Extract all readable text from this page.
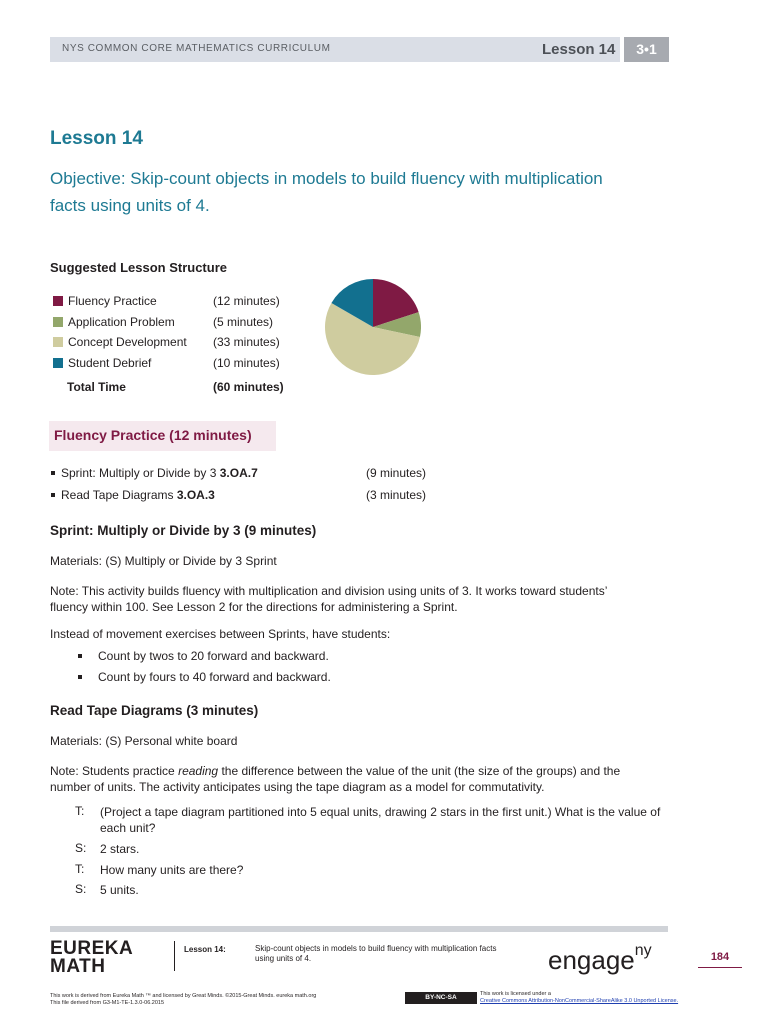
NYS COMMON CORE MATHEMATICS CURRICULUM	Lesson 14	3•1
Lesson 14
Objective: Skip-count objects in models to build fluency with multiplication
facts using units of 4.
Suggested Lesson Structure
Fluency Practice	(12 minutes)
Application Problem	(5 minutes)
Concept Development (33 minutes)
Student Debrief	(10 minutes)
Total Time	(60 minutes)
Fluency Practice (12 minutes)
Sprint: Multiply or Divide by 3 3.OA.7	(9 minutes)
Read Tape Diagrams 3.OA.3	(3 minutes)
Sprint: Multiply or Divide by 3 (9 minutes)
Materials: (S) Multiply or Divide by 3 Sprint
Note: This activity builds fluency with multiplication and division using units of 3. It works toward students’
fluency within 100. See Lesson 2 for the directions for administering a Sprint.
Instead of movement exercises between Sprints, have students:
Count by twos to 20 forward and backward.
Count by fours to 40 forward and backward.
Read Tape Diagrams (3 minutes)
Materials: (S) Personal white board
Note: Students practice reading the difference between the value of the unit (the size of the groups) and the
number of units. The activity anticipates using the tape diagram as a model for commutativity.
T: (Project a tape diagram partitioned into 5 equal units, drawing 2 stars in the first unit.) What is the value of each unit?
S: 2 stars.
T: How many units are there?
S: 5 units.
EUREKA
MATH
Lesson 14:	Skip-count objects in models to build fluency with multiplication facts
using units of 4.	engage$^{ny}$	184
This work is derived from Eureka Math ™ and licensed by Great Minds. ©2015-Great Minds. eureka math.org
This file derived from G3-M1-TE-1.3.0-06.2015
BY-NC-SA	This work is licensed under a
Creative Commons Attribution-NonCommercial-ShareAlike 3.0 Unported License.
